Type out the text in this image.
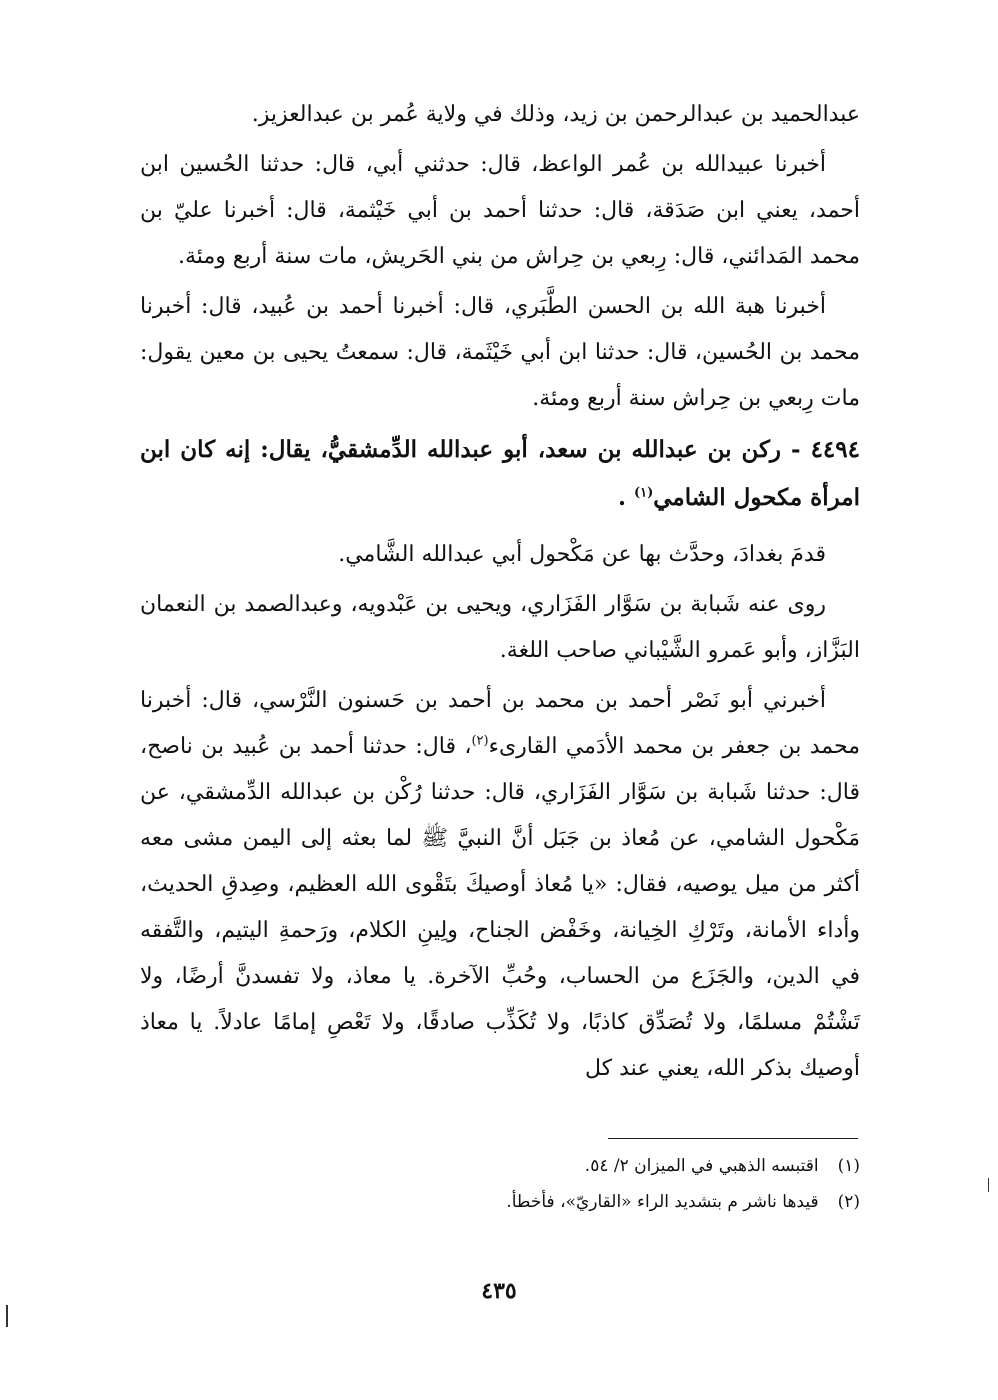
عبدالحميد بن عبدالرحمن بن زيد، وذلك في ولاية عُمر بن عبدالعزيز.

أخبرنا عبيدالله بن عُمر الواعظ، قال: حدثني أبي، قال: حدثنا الحُسين ابن أحمد، يعني ابن صَدَقة، قال: حدثنا أحمد بن أبي خَيْثمة، قال: أخبرنا عليّ بن محمد المَدائني، قال: رِبعي بن حِراش من بني الحَريش، مات سنة أربع ومئة.

أخبرنا هبة الله بن الحسن الطَّبَري، قال: أخبرنا أحمد بن عُبيد، قال: أخبرنا محمد بن الحُسين، قال: حدثنا ابن أبي خَيْثَمة، قال: سمعتُ يحيى بن معين يقول: مات رِبعي بن حِراش سنة أربع ومئة.

٤٤٩٤ - ركن بن عبدالله بن سعد، أبو عبدالله الدِّمشقيُّ، يقال: إنه كان ابن امرأة مكحول الشامي$^{(١)}$ .

قدمَ بغدادَ، وحدَّث بها عن مَكْحول أبي عبدالله الشَّامي.

روى عنه شَبابة بن سَوَّار الفَزَاري، ويحيى بن عَبْدويه، وعبدالصمد بن النعمان البَزَّاز، وأبو عَمرو الشَّيْباني صاحب اللغة.

أخبرني أبو نَصْر أحمد بن محمد بن أحمد بن حَسنون النَّرْسي، قال: أخبرنا محمد بن جعفر بن محمد الأدَمي القارىء$^{(٢)}$، قال: حدثنا أحمد بن عُبيد بن ناصح، قال: حدثنا شَبابة بن سَوَّار الفَزَاري، قال: حدثنا رُكْن بن عبدالله الدِّمشقي، عن مَكْحول الشامي، عن مُعاذ بن جَبَل أنَّ النبيَّ ﷺ لما بعثه إلى اليمن مشى معه أكثر من ميل يوصيه، فقال: «يا مُعاذ أوصيكَ بتَقْوى الله العظيم، وصِدقِ الحديث، وأداء الأمانة، وتَرْكِ الخِيانة، وخَفْض الجناح، ولِينِ الكلام، ورَحمةِ اليتيم، والتَّفقه في الدين، والجَزَع من الحساب، وحُبِّ الآخرة. يا معاذ، ولا تفسدنَّ أرضًا، ولا تَشْتُمْ مسلمًا، ولا تُصَدِّق كاذبًا، ولا تُكَذِّب صادقًا، ولا تَعْصِ إمامًا عادلاً. يا معاذ أوصيك بذكر الله، يعني عند كل

(١) اقتبسه الذهبي في الميزان ٢/ ٥٤.
(٢) قيدها ناشر م بتشديد الراء «القاريّ»، فأخطأ.
٤٣٥
